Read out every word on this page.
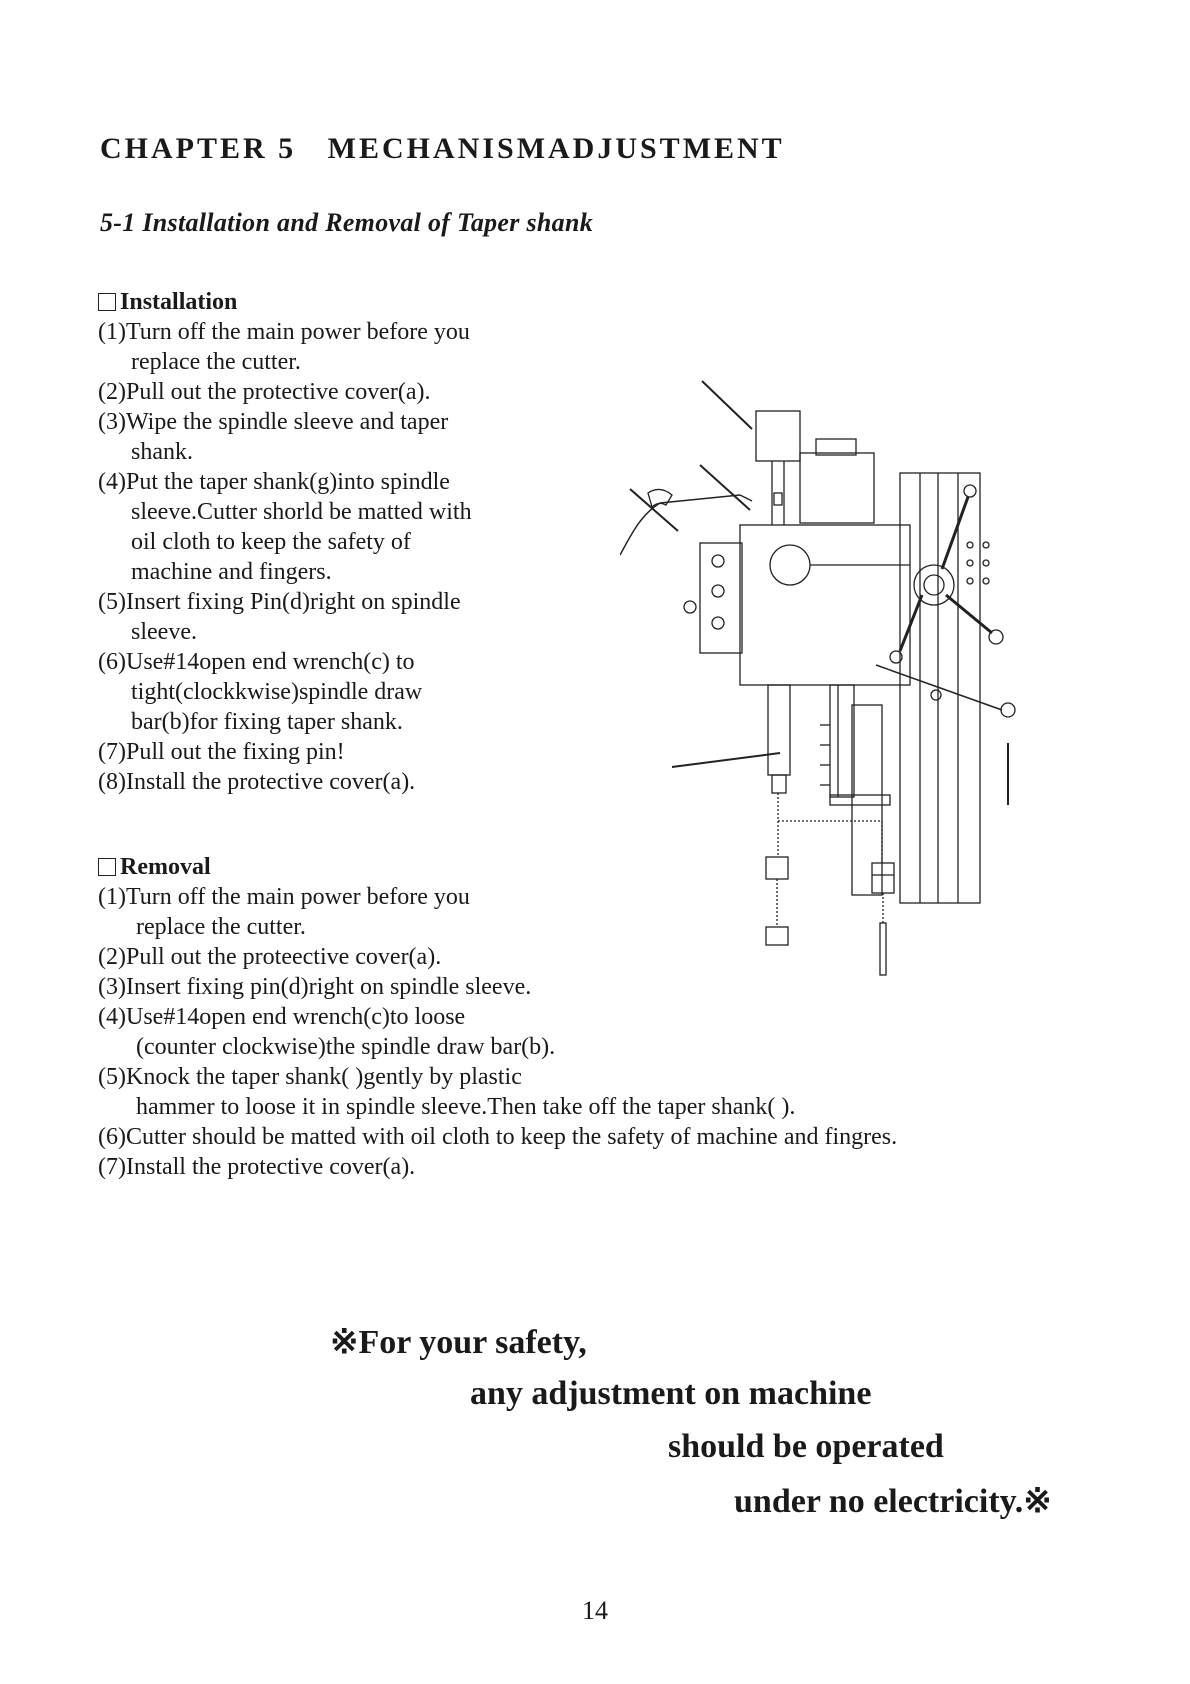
CHAPTER 5   MECHANISMADJUSTMENT
5-1 Installation and Removal of Taper shank
Installation
(1)Turn off the main power before you
replace the cutter.
(2)Pull out the protective cover(a).
(3)Wipe the spindle sleeve and taper
shank.
(4)Put the taper shank(g)into spindle
sleeve.Cutter shorld be matted with
oil cloth to keep the safety of
machine and fingers.
(5)Insert fixing Pin(d)right on spindle
sleeve.
(6)Use#14open end wrench(c) to
tight(clockkwise)spindle draw
bar(b)for fixing taper shank.
(7)Pull out the fixing pin!
(8)Install the protective cover(a).
Removal
(1)Turn off the main power before you
replace the cutter.
(2)Pull out the proteective cover(a).
(3)Insert fixing pin(d)right on spindle sleeve.
(4)Use#14open end wrench(c)to loose
(counter clockwise)the spindle draw bar(b).
(5)Knock the taper shank( )gently by plastic
hammer to loose it in spindle sleeve.Then take off the taper shank( ).
(6)Cutter should be matted with oil cloth to keep the safety of machine and fingres.
(7)Install the protective cover(a).
※For your safety,
any adjustment on machine
should be operated
under no electricity.※
14
